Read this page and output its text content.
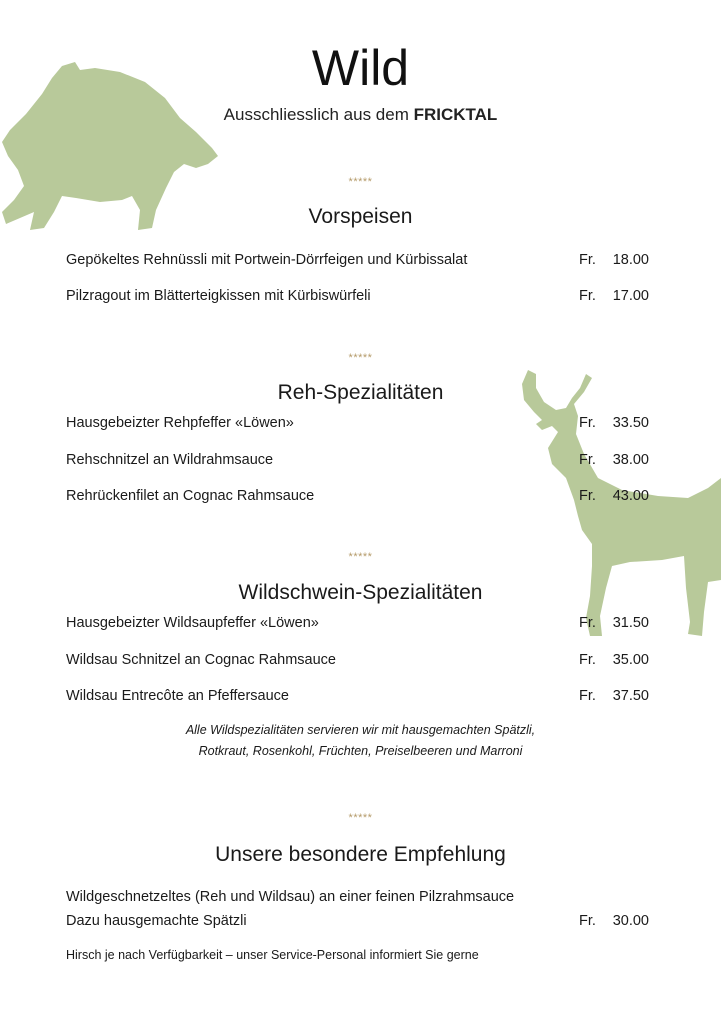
Wild
Ausschliesslich aus dem FRICKTAL
*****
Vorspeisen
Gepökeltes Rehnüssli mit Portwein-Dörrfeigen und Kürbissalat	Fr.	18.00
Pilzragout im Blätterteigkissen mit Kürbiswürfeli	Fr.	17.00
*****
Reh-Spezialitäten
Hausgebeizter Rehpfeffer «Löwen»	Fr.	33.50
Rehschnitzel an Wildrahmsauce	Fr.	38.00
Rehrückenfilet an Cognac Rahmsauce	Fr.	43.00
*****
Wildschwein-Spezialitäten
Hausgebeizter Wildsaupfeffer «Löwen»	Fr.	31.50
Wildsau Schnitzel an Cognac Rahmsauce	Fr.	35.00
Wildsau Entrecôte an Pfeffersauce	Fr.	37.50
Alle Wildspezialitäten servieren wir mit hausgemachten Spätzli,
Rotkraut, Rosenkohl, Früchten, Preiselbeeren und Marroni
*****
Unsere besondere Empfehlung
Wildgeschnetzeltes (Reh und Wildsau) an einer feinen Pilzrahmsauce
Dazu hausgemachte Spätzli	Fr.	30.00
Hirsch je nach Verfügbarkeit – unser Service-Personal informiert Sie gerne
